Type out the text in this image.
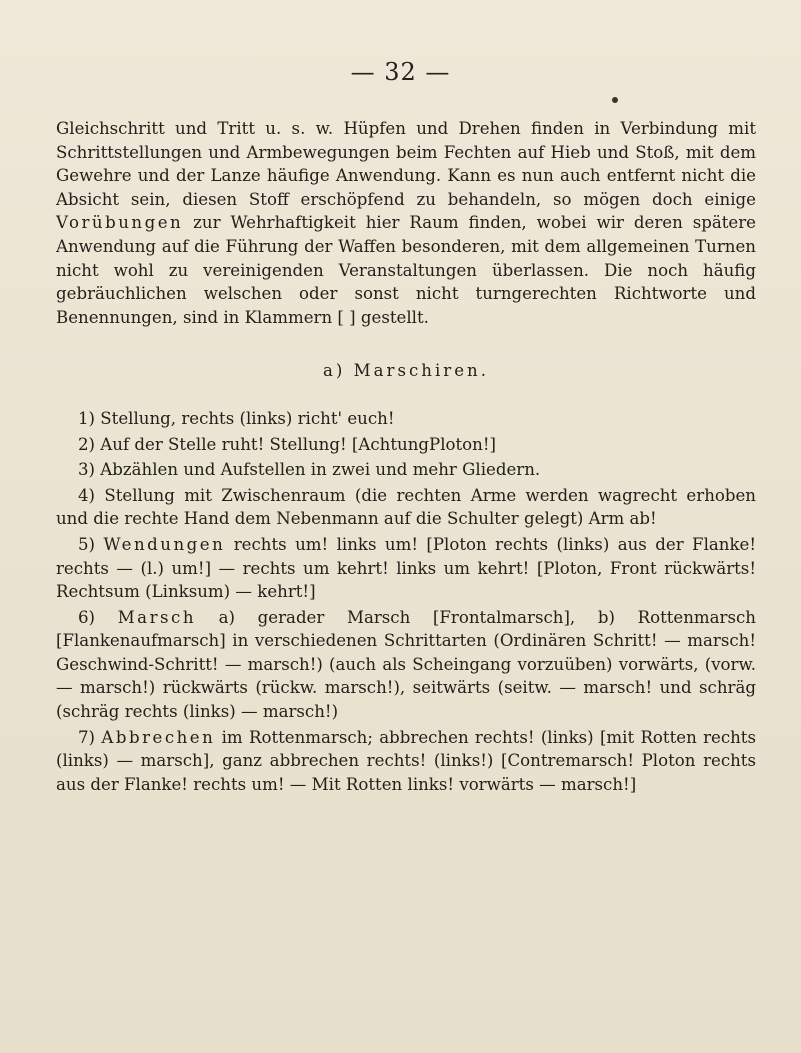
— 32 —

Gleichschritt und Tritt u. s. w. Hüpfen und Drehen finden in Verbindung mit Schrittstellungen und Armbewegungen beim Fechten auf Hieb und Stoß, mit dem Gewehre und der Lanze häufige Anwendung. Kann es nun auch entfernt nicht die Absicht sein, diesen Stoff erschöpfend zu behandeln, so mögen doch einige Vorübungen zur Wehrhaftigkeit hier Raum finden, wobei wir deren spätere Anwendung auf die Führung der Waffen besonderen, mit dem allgemeinen Turnen nicht wohl zu vereinigenden Veranstaltungen überlassen. Die noch häufig gebräuchlichen welschen oder sonst nicht turngerechten Richtworte und Benennungen, sind in Klammern [ ] gestellt.

a) Marschiren.

1) Stellung, rechts (links) richt' euch!

2) Auf der Stelle ruht! Stellung! [AchtungPloton!]

3) Abzählen und Aufstellen in zwei und mehr Gliedern.

4) Stellung mit Zwischenraum (die rechten Arme werden wagrecht erhoben und die rechte Hand dem Nebenmann auf die Schulter gelegt) Arm ab!

5) Wendungen rechts um! links um! [Ploton rechts (links) aus der Flanke! rechts — (l.) um!] — rechts um kehrt! links um kehrt! [Ploton, Front rückwärts! Rechtsum (Linksum) — kehrt!]

6) Marsch a) gerader Marsch [Frontalmarsch], b) Rottenmarsch [Flankenaufmarsch] in verschiedenen Schrittarten (Ordinären Schritt! — marsch! Geschwind-Schritt! — marsch!) (auch als Scheingang vorzuüben) vorwärts, (vorw. — marsch!) rückwärts (rückw. marsch!), seitwärts (seitw. — marsch! und schräg (schräg rechts (links) — marsch!)

7) Abbrechen im Rottenmarsch; abbrechen rechts! (links) [mit Rotten rechts (links) — marsch], ganz abbrechen rechts! (links!) [Contremarsch! Ploton rechts aus der Flanke! rechts um! — Mit Rotten links! vorwärts — marsch!]
